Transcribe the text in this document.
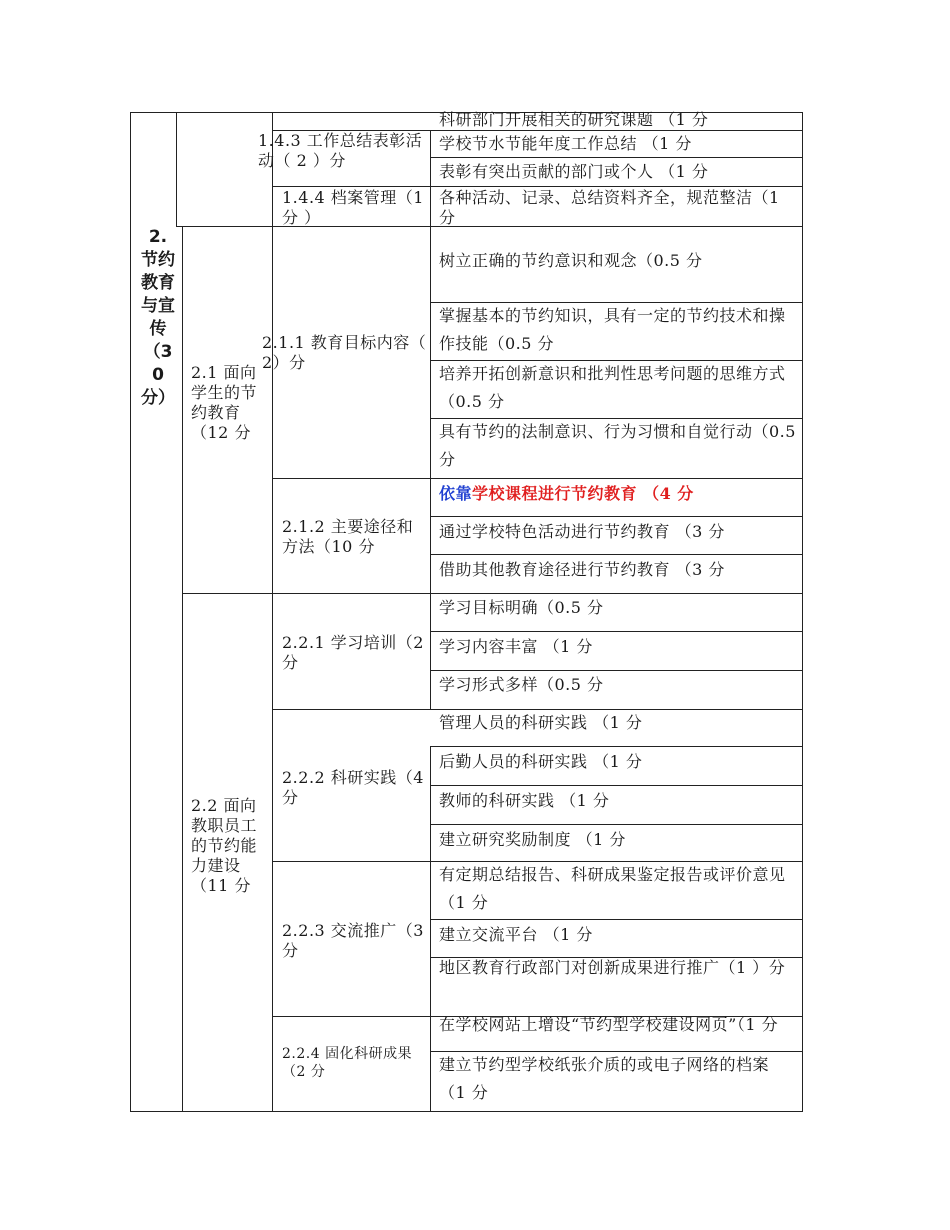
科研部门开展相关的研究课题 （1 分
1.4.3 工作总结表彰活动（ 2 ）分
学校节水节能年度工作总结 （1 分
表彰有突出贡献的部门或个人 （1 分
1.4.4 档案管理（1 分 ）
各种活动、记录、总结资料齐全，规范整洁（1 分
2. 节约教育与宣传（30分）
2.1 面向学生的节约教育（12 分
2.1.1 教育目标内容（ 2）分
树立正确的节约意识和观念（0.5 分
掌握基本的节约知识，具有一定的节约技术和操作技能（0.5 分
培养开拓创新意识和批判性思考问题的思维方式（0.5 分
具有节约的法制意识、行为习惯和自觉行动（0.5 分
2.1.2 主要途径和方法（10 分
依靠学校课程进行节约教育 （4 分
通过学校特色活动进行节约教育 （3 分
借助其他教育途径进行节约教育 （3 分
2.2 面向教职员工的节约能力建设（11 分
2.2.1 学习培训（2 分
学习目标明确（0.5 分
学习内容丰富 （1 分
学习形式多样（0.5 分
2.2.2 科研实践（4 分
管理人员的科研实践 （1 分
后勤人员的科研实践 （1 分
教师的科研实践 （1 分
建立研究奖励制度 （1 分
2.2.3 交流推广（3 分
有定期总结报告、科研成果鉴定报告或评价意见 （1 分
建立交流平台 （1 分
地区教育行政部门对创新成果进行推广（1 ）分
2.2.4 固化科研成果（2 分
在学校网站上增设“节约型学校建设网页”（1 分
建立节约型学校纸张介质的或电子网络的档案 （1 分
